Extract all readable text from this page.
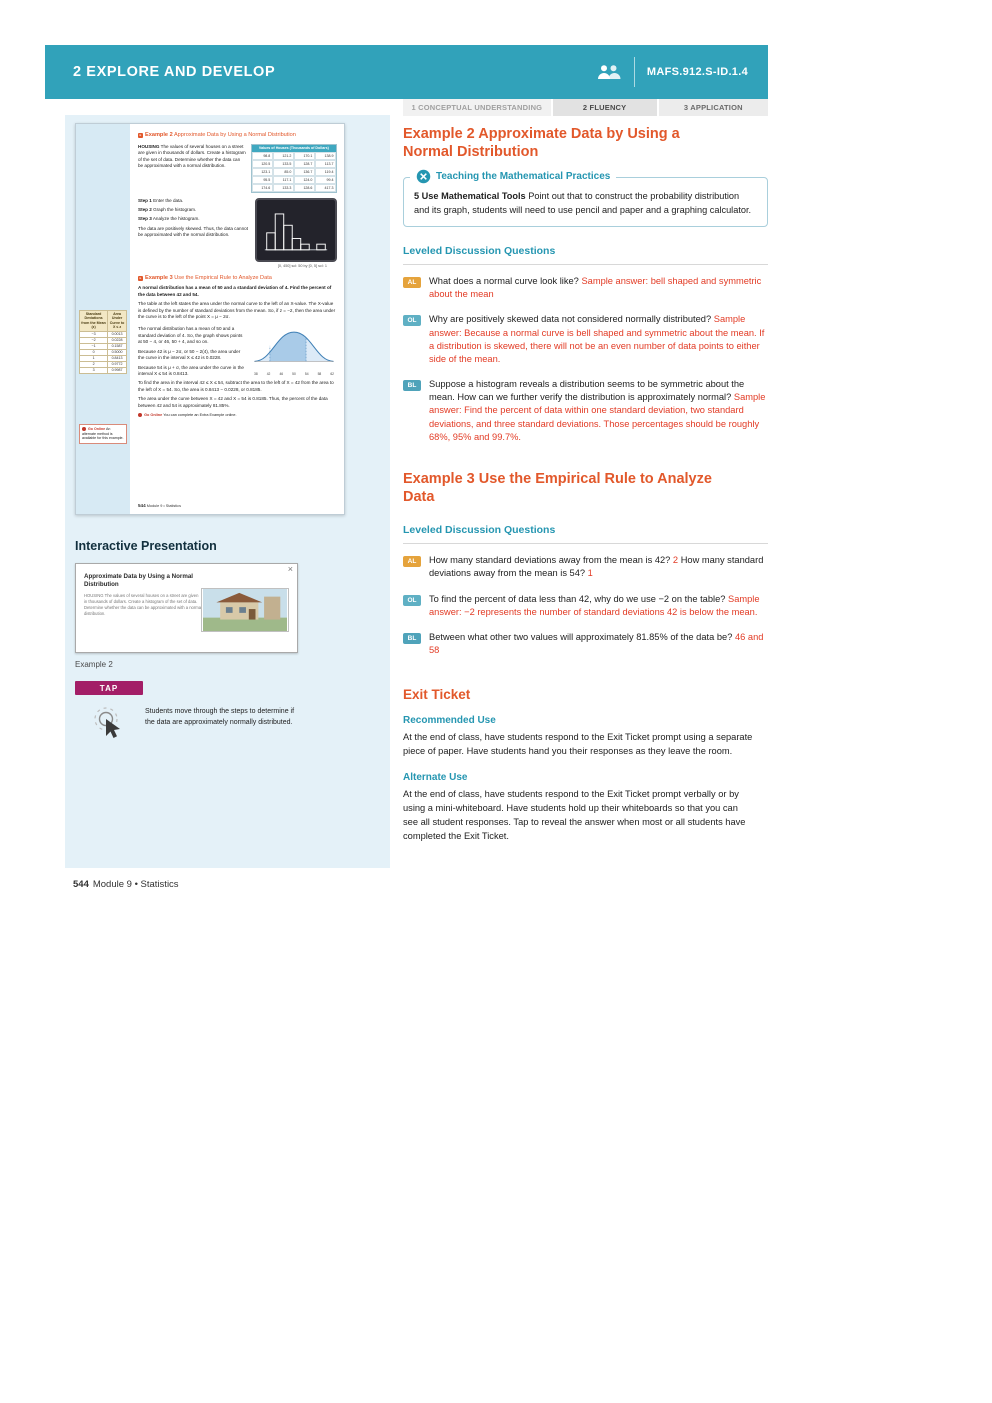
2 EXPLORE AND DEVELOP	MAFS.912.S-ID.1.4
Standard Deviations from the Mean (z)	Area Under Curve to X ≤ z
−3	0.0013
−2	0.0228
−1	0.1587
0	0.5000
1	0.8413
2	0.9772
3	0.9987
Go Online An alternate method is available for this example.
▸ Example 2 Approximate Data by Using a Normal Distribution

HOUSING The values of several houses on a street are given in thousands of dollars. Create a histogram of the set of data. Determine whether the data can be approximated with a normal distribution.

Values of Houses (Thousands of Dollars)
98.8	121.2	170.1	138.9
120.5	133.5	128.7	113.7
123.1	85.0	136.7	119.4
95.5	117.1	124.0	99.4
174.6	133.3	128.6	417.3

Step 1 Enter the data.

Step 2 Graph the histogram.

Step 3 Analyze the histogram.

The data are positively skewed. Thus, the data cannot be approximated with the normal distribution.

[0, 450] scl: 50 by [0, 5] scl: 1
▸ Example 3 Use the Empirical Rule to Analyze Data

A normal distribution has a mean of 50 and a standard deviation of 4. Find the percent of the data between 42 and 54.

The table at the left states the area under the normal curve to the left of an X-value. The X-value is defined by the number of standard deviations from the mean. So, if z = −2, then the area under the curve is to the left of the point X = μ − 2σ.

The normal distribution has a mean of 50 and a standard deviation of 4. So, the graph shows points at 50 − 4, or 46, 50 + 4, and so on.

Because 42 is μ − 2σ, or 50 − 2(4), the area under the curve in the interval X ≤ 42 is 0.0228.

Because 54 is μ + σ, the area under the curve in the interval X ≤ 54 is 0.8413.	38	42	46	50	54	58	62

To find the area in the interval 42 ≤ X ≤ 54, subtract the area to the left of X = 42 from the area to the left of X = 54. So, the area is 0.8413 − 0.0228, or 0.8185.

The area under the curve between X = 42 and X = 54 is 0.8185. Thus, the percent of the data between 42 and 54 is approximately 81.85%.

Go Online You can complete an Extra Example online.

544 Module 9 • Statistics

Interactive Presentation
×
Approximate Data by Using a Normal Distribution
HOUSING The values of several houses on a street are given in thousands of dollars. Create a histogram of the set of data. Determine whether the data can be approximated with a normal distribution.
Example 2
TAP

Students move through the steps to determine if the data are approximately normally distributed.

1 CONCEPTUAL UNDERSTANDING	2 FLUENCY	3 APPLICATION
Example 2 Approximate Data by Using a Normal Distribution
Teaching the Mathematical Practices

5 Use Mathematical Tools Point out that to construct the probability distribution and its graph, students will need to use pencil and paper and a graphing calculator.

Leveled Discussion Questions
AL	What does a normal curve look like? Sample answer: bell shaped and symmetric about the mean

OL	Why are positively skewed data not considered normally distributed? Sample answer: Because a normal curve is bell shaped and symmetric about the mean. If a distribution is skewed, there will not be an even number of data points to either side of the mean.

BL	Suppose a histogram reveals a distribution seems to be symmetric about the mean. How can we further verify the distribution is approximately normal? Sample answer: Find the percent of data within one standard deviation, two standard deviations, and three standard deviations. Those percentages should be roughly 68%, 95% and 99.7%.

Example 3 Use the Empirical Rule to Analyze Data
Leveled Discussion Questions
AL	How many standard deviations away from the mean is 42? 2 How many standard deviations away from the mean is 54? 1

OL	To find the percent of data less than 42, why do we use −2 on the table? Sample answer: −2 represents the number of standard deviations 42 is below the mean.

BL	Between what other two values will approximately 81.85% of the data be? 46 and 58

Exit Ticket
Recommended Use

At the end of class, have students respond to the Exit Ticket prompt using a separate piece of paper. Have students hand you their responses as they leave the room.

Alternate Use

At the end of class, have students respond to the Exit Ticket prompt verbally or by using a mini-whiteboard. Have students hold up their whiteboards so that you can see all student responses. Tap to reveal the answer when most or all students have completed the Exit Ticket.

544 Module 9 • Statistics
